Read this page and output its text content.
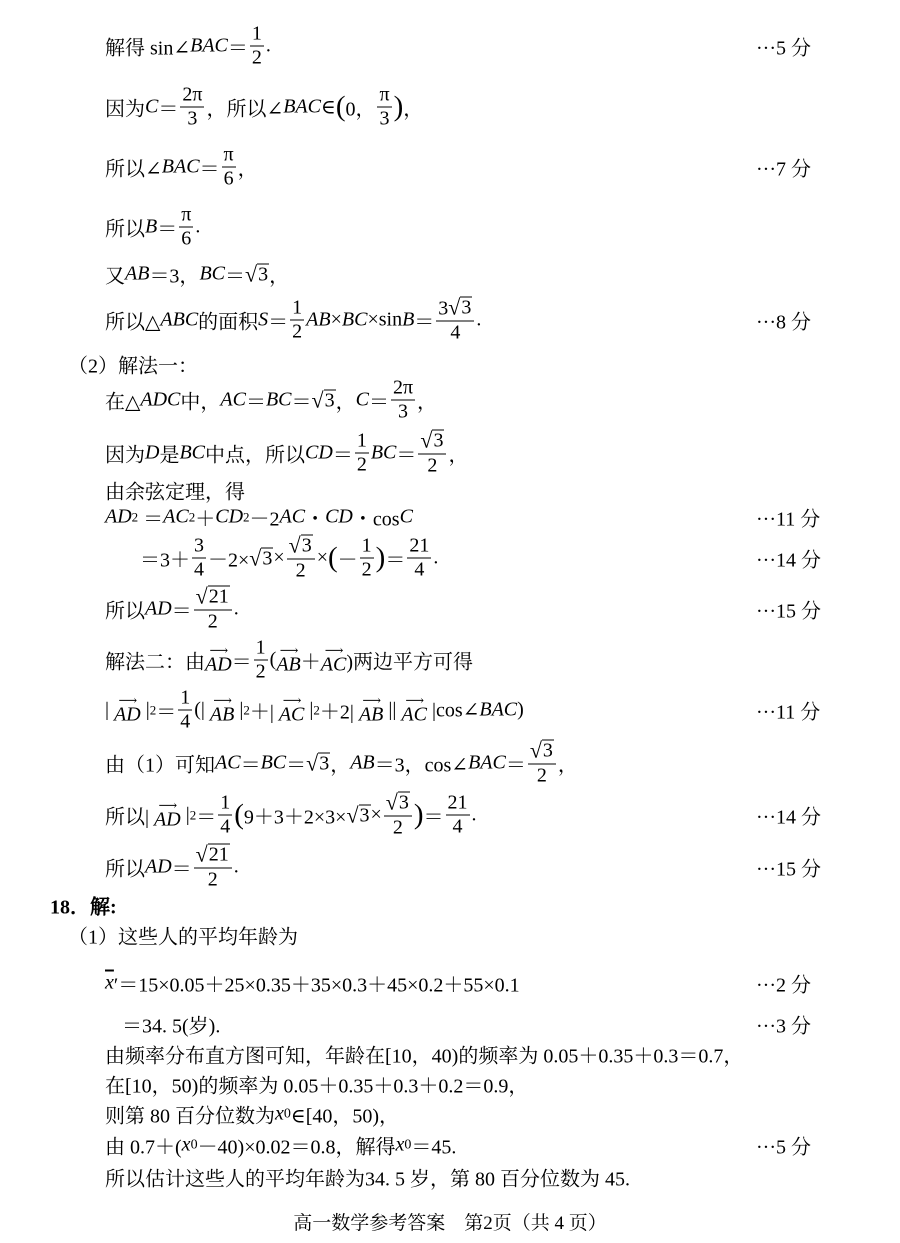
解得 sin∠ BAC ＝ $\frac{1}{2}$ .	···5 分
因为 $C = \frac{2\pi}{3}$ ，所以∠ BAC ∈ ( 0， $\frac{\pi}{3}$ ) ，
所以∠ BAC ＝ $\frac{\pi}{6}$ ，	···7 分
所以 $B = \frac{\pi}{6}$ .
又 AB ＝3， BC ＝ √ 3 ，
所以△ ABC 的面积 $S = \frac{1}{2}$ AB × BC ×sin $B = \frac{3 √ 3}{4}$ .	···8 分
（2）解法一：
在△ ADC 中， AC ＝ BC ＝ √ 3 ， $C = \frac{2\pi}{3}$ ，
因为 D 是 BC 中点，所以 CD ＝ $\frac{1}{2}$ BC ＝ $\frac{√ 3}{2}$ ，
由余弦定理，得
AD 2 ＝ AC 2 ＋ CD 2 －2 AC ・ CD ・cos C	···11 分
$=3+ \frac{3}{4} -2\times$ √ $3 \times \frac{√ 3}{2}$ × ( － $\frac{1}{2}$ ) ＝ $\frac{21}{4}$ .	···14 分
所以 AD ＝ $\frac{√ 21}{2}$ .	···15 分
解法二：由
⟶
AD ＝ $\frac{1}{2}$ ( ⟶
AB ＋
⟶
AC )两边平方可得
| ⟶
AD | $2 = \frac{1}{4}$ (| ⟶
AB | 2 ＋|
⟶
AC | 2 ＋2|
⟶
AB || ⟶
AC |cos∠ BAC )	···11 分
由（1）可知 AC ＝ BC ＝ √ 3 ， AB ＝3，cos∠ BAC ＝ $\frac{√ 3}{2}$ ，
所以|
⟶
AD | $2 = \frac{1}{4}$ ( 9＋3＋2×3× √ $3 \times \frac{√ 3}{2}$ ) ＝ $\frac{21}{4}$ .	···14 分
所以 AD ＝ $\frac{√ 21}{2}$ .	···15 分
18．解:
（1）这些人的平均年龄为
$\overline{x}$ ′＝15×0.05＋25×0.35＋35×0.3＋45×0.2＋55×0.1	···2 分
＝34. 5(岁).	···3 分
由频率分布直方图可知，年龄在[10，40)的频率为 0.05＋0.35＋0.3＝0.7，
在[10，50)的频率为 0.05＋0.35＋0.3＋0.2＝0.9，
则第 80 百分位数为 x 0 ∈[40，50)，
由 0.7＋( x 0 －40)×0.02＝0.8，解得 x 0 ＝45.	···5 分
所以估计这些人的平均年龄为34. 5 岁，第 80 百分位数为 45.
高一数学参考答案　第2页（共 4 页）
